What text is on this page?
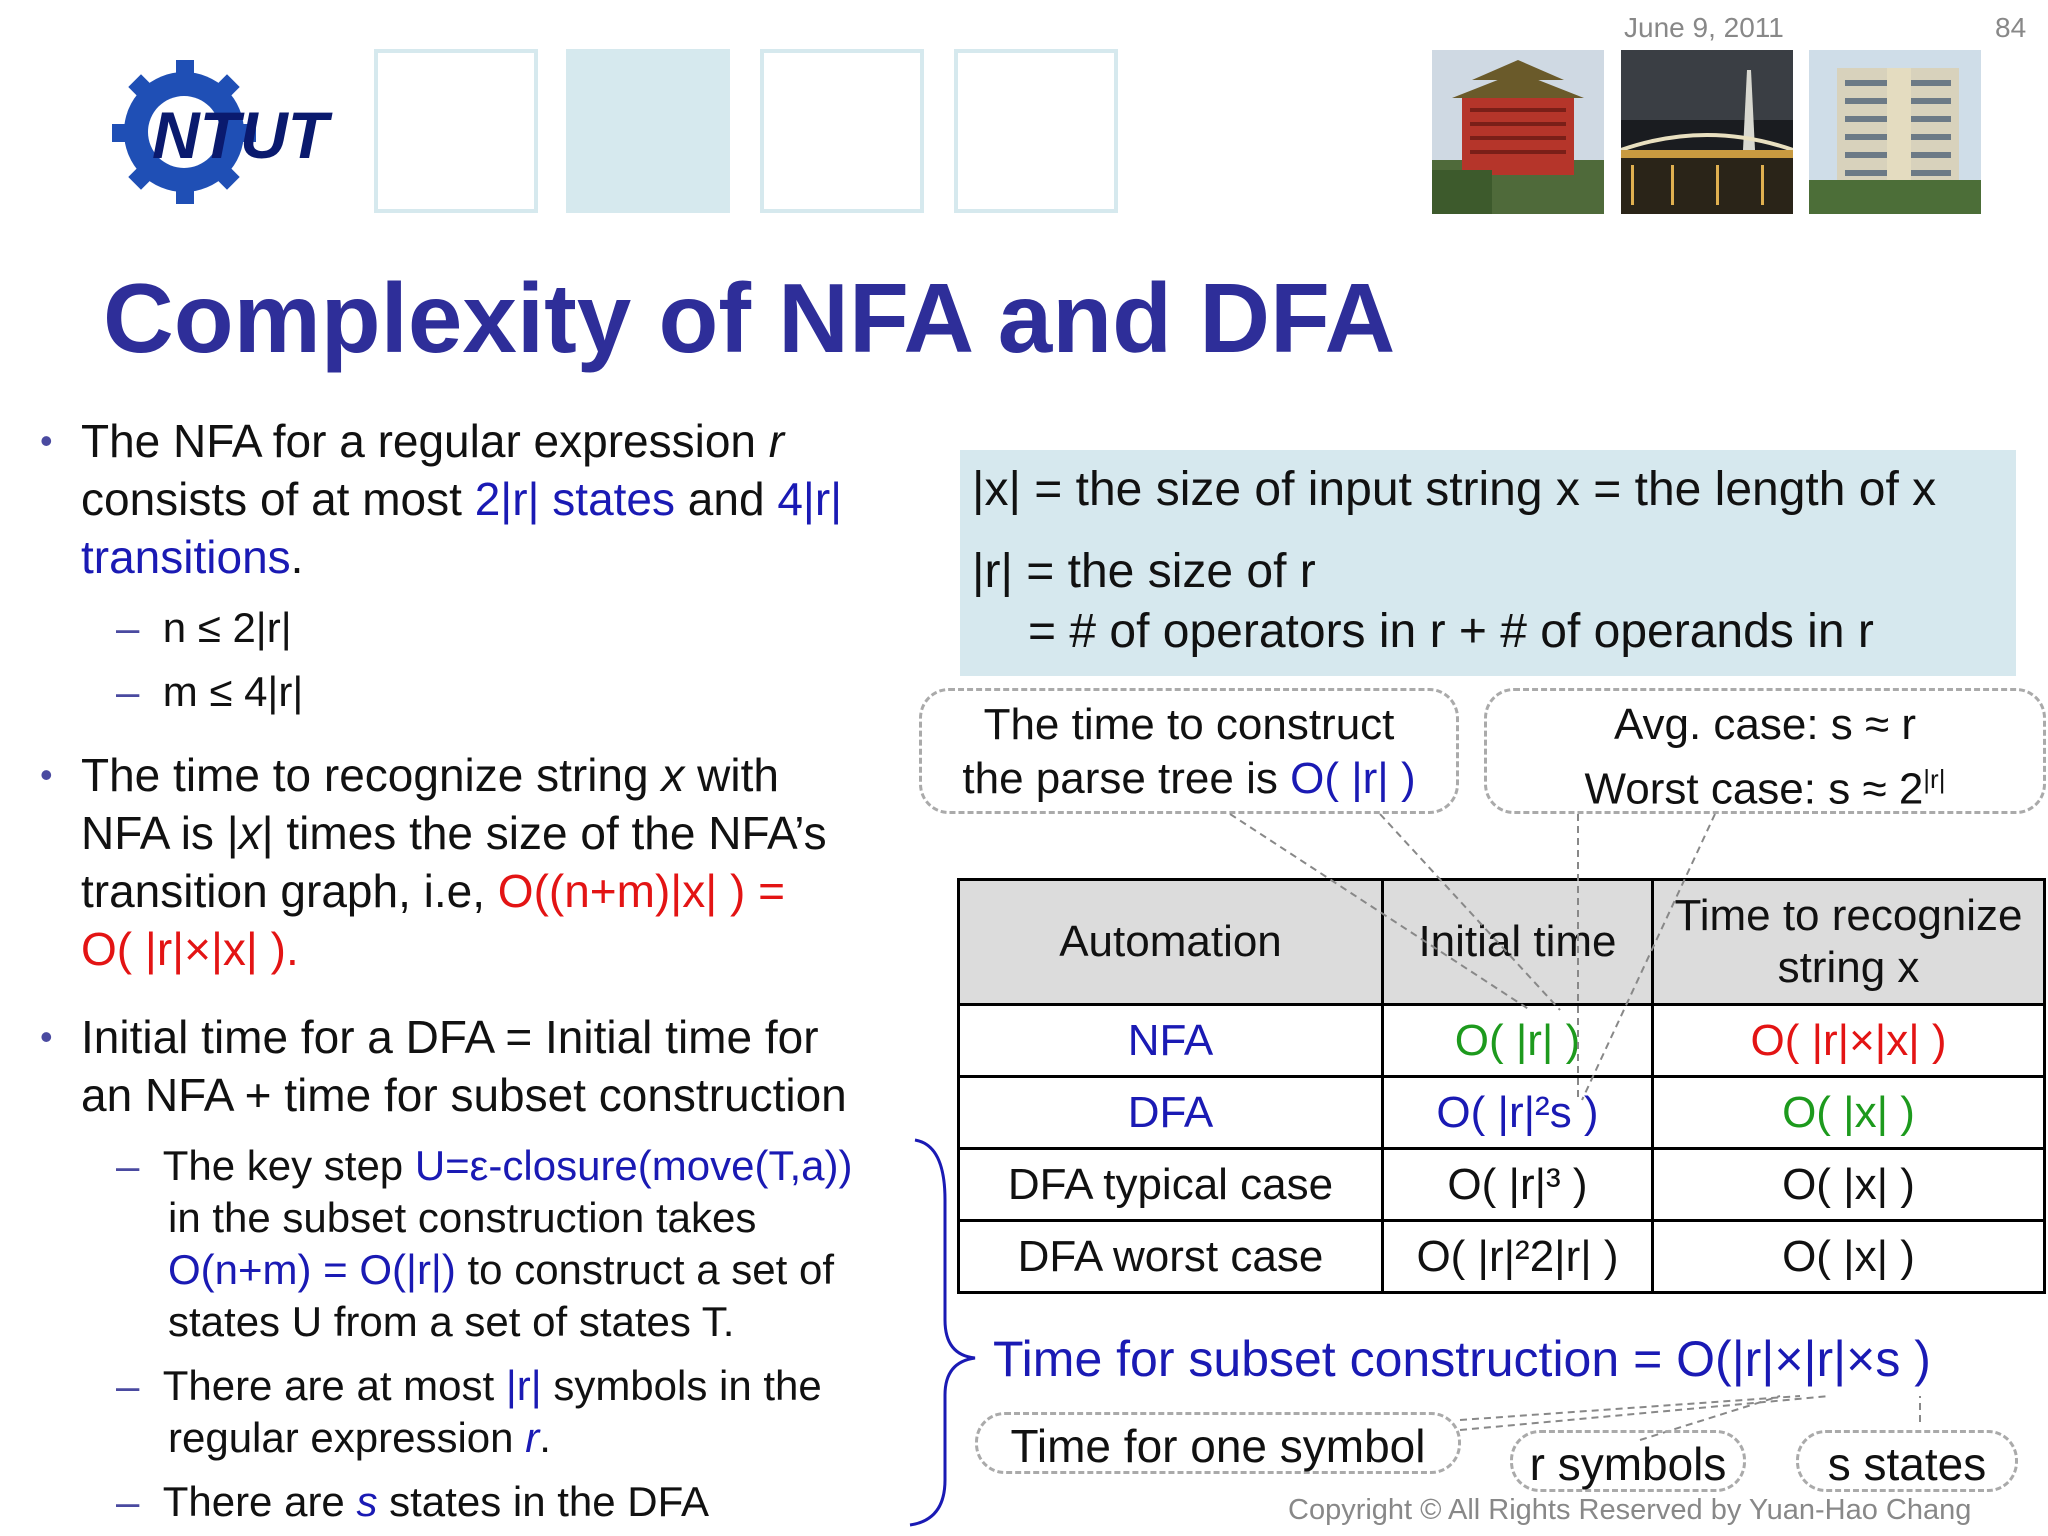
June 9, 2011	84
NTUT
Complexity of NFA and DFA
• The NFA for a regular expression r
consists of at most 2|r| states and 4|r|
transitions.
– n ≤ 2|r|
– m ≤ 4|r|
• The time to recognize string x with
NFA is |x| times the size of the NFA’s
transition graph, i.e, O((n+m)|x| ) =
O( |r|×|x| ).
• Initial time for a DFA = Initial time for
an NFA + time for subset construction
– The key step U=ε-closure(move(T,a))
in the subset construction takes
O(n+m) = O(|r|) to construct a set of
states U from a set of states T.
– There are at most |r| symbols in the
regular expression r.
– There are s states in the DFA
|x| = the size of input string x = the length of x
|r| = the size of r
= # of operators in r + # of operands in r
The time to construct
the parse tree is O( |r| )
Avg. case: s ≈ r
Worst case: $s \approx 2^{|r|}$
Automation	Initial time	Time to recognize
string x
NFA	O( |r| )	O( |r|×|x| )
DFA	O( |r|²s )	O( |x| )
DFA typical case	O( |r|³ )	O( |x| )
DFA worst case	O( |r|²2|r| )	O( |x| )
Time for subset construction = O(|r|×|r|×s )
Time for one symbol	r symbols	s states
Copyright © All Rights Reserved by Yuan-Hao Chang
